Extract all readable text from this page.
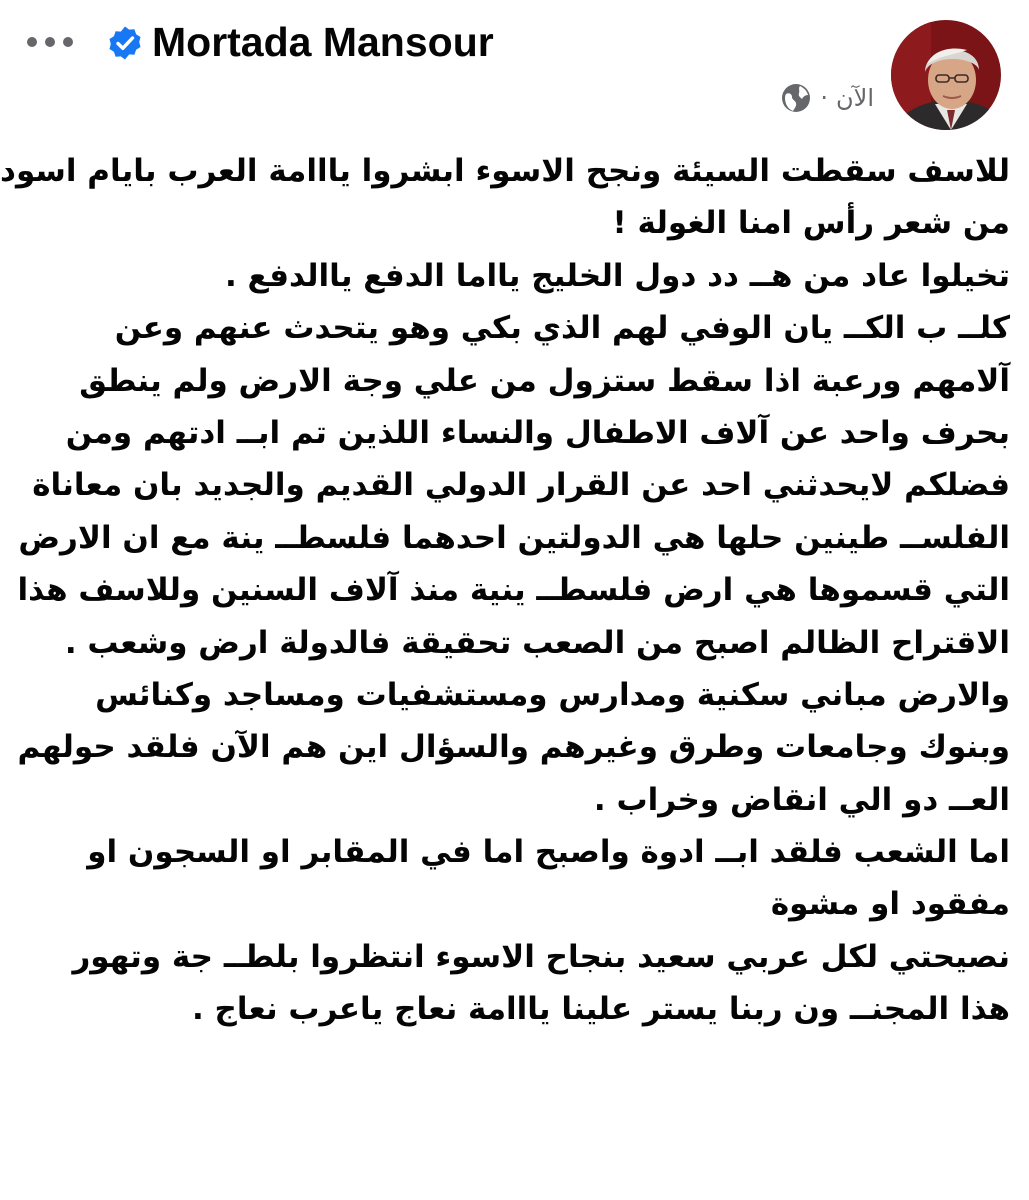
Mortada Mansour
· الآن
للاسف سقطت السيئة ونجح الاسوء ابشروا يااامة العرب بايام اسود
من شعر رأس امنا الغولة !
تخيلوا عاد من هــ دد دول الخليج يااما الدفع ياالدفع .
كلــ ب الكــ يان الوفي لهم الذي بكي وهو يتحدث عنهم وعن
آلامهم ورعبة اذا سقط ستزول من علي وجة الارض ولم ينطق
بحرف واحد عن آلاف الاطفال والنساء اللذين تم ابــ ادتهم ومن
فضلكم لايحدثني احد عن القرار الدولي القديم والجديد بان معاناة
الفلســ طينين حلها هي الدولتين احدهما فلسطــ ينة مع ان الارض
التي قسموها هي ارض فلسطــ ينية منذ آلاف السنين وللاسف هذا
الاقتراح الظالم اصبح من الصعب تحقيقة فالدولة ارض وشعب .
والارض مباني سكنية ومدارس ومستشفيات ومساجد وكنائس
وبنوك وجامعات وطرق وغيرهم والسؤال اين هم الآن فلقد حولهم
العــ دو الي انقاض وخراب .
اما الشعب فلقد ابــ ادوة واصبح اما في المقابر او السجون او
مفقود او مشوة
نصيحتي لكل عربي سعيد بنجاح الاسوء انتظروا بلطــ جة وتهور
هذا المجنــ ون ربنا يستر علينا يااامة نعاج ياعرب نعاج .
